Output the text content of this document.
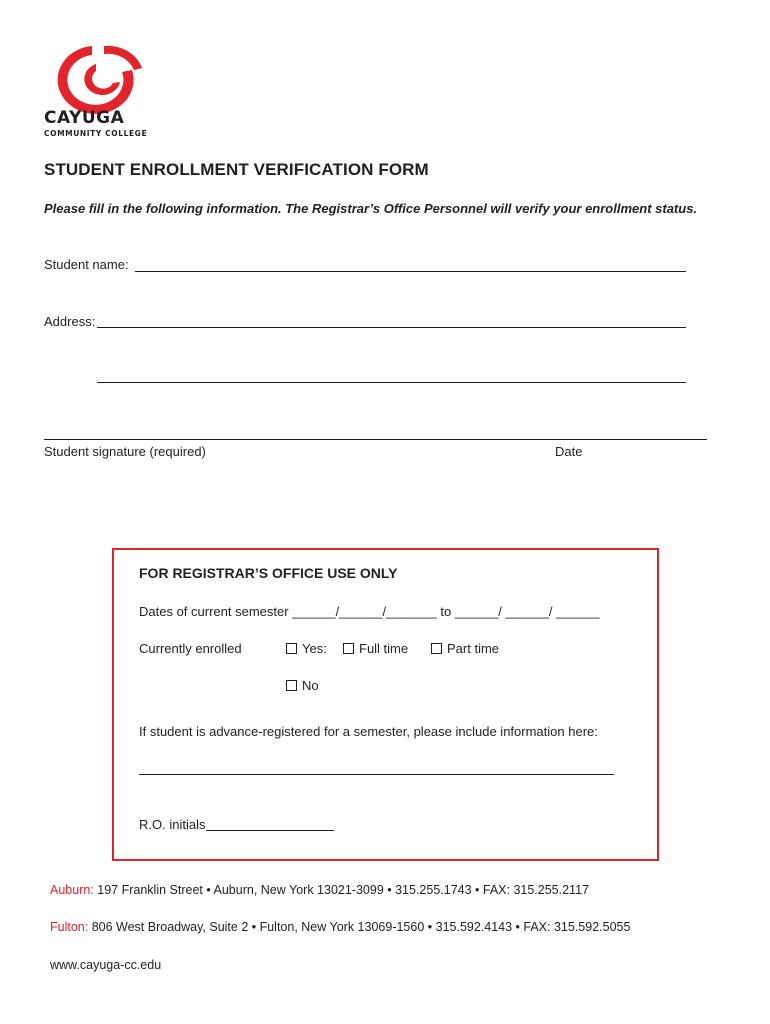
CAYUGA
COMMUNITY COLLEGE
STUDENT ENROLLMENT VERIFICATION FORM
Please fill in the following information. The Registrar’s Office Personnel will verify your enrollment status.
Student name:
Address:
Student signature (required)	Date
FOR REGISTRAR’S OFFICE USE ONLY
Dates of current semester ______/______/_______ to ______/ ______/ ______
Currently enrolled	Yes:	Full time	Part time
No
If student is advance-registered for a semester, please include information here:
R.O. initials
Auburn: 197 Franklin Street • Auburn, New York 13021-3099 • 315.255.1743 • FAX: 315.255.2117
Fulton: 806 West Broadway, Suite 2 • Fulton, New York 13069-1560 • 315.592.4143 • FAX: 315.592.5055
www.cayuga-cc.edu
